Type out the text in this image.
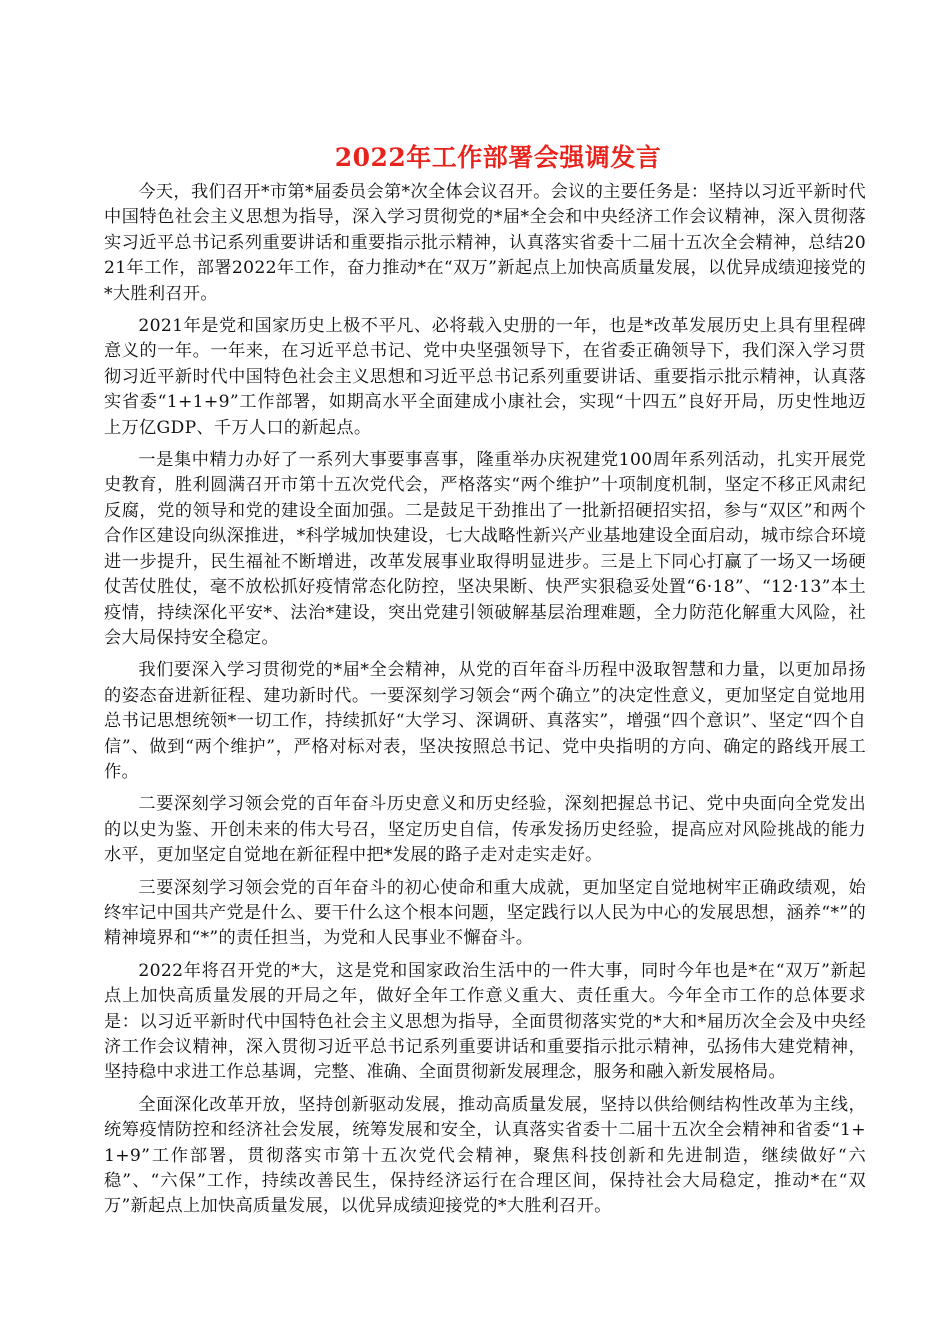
2022年工作部署会强调发言

今天，我们召开*市第*届委员会第*次全体会议召开。会议的主要任务是：坚持以习近平新时代中国特色社会主义思想为指导，深入学习贯彻党的*届*全会和中央经济工作会议精神，深入贯彻落实习近平总书记系列重要讲话和重要指示批示精神，认真落实省委十二届十五次全会精神，总结2021年工作，部署2022年工作，奋力推动*在“双万”新起点上加快高质量发展，以优异成绩迎接党的*大胜利召开。

2021年是党和国家历史上极不平凡、必将载入史册的一年，也是*改革发展历史上具有里程碑意义的一年。一年来，在习近平总书记、党中央坚强领导下，在省委正确领导下，我们深入学习贯彻习近平新时代中国特色社会主义思想和习近平总书记系列重要讲话、重要指示批示精神，认真落实省委“1+1+9”工作部署，如期高水平全面建成小康社会，实现“十四五”良好开局，历史性地迈上万亿GDP、千万人口的新起点。

一是集中精力办好了一系列大事要事喜事，隆重举办庆祝建党100周年系列活动，扎实开展党史教育，胜利圆满召开市第十五次党代会，严格落实“两个维护”十项制度机制，坚定不移正风肃纪反腐，党的领导和党的建设全面加强。二是鼓足干劲推出了一批新招硬招实招，参与“双区”和两个合作区建设向纵深推进，*科学城加快建设，七大战略性新兴产业基地建设全面启动，城市综合环境进一步提升，民生福祉不断增进，改革发展事业取得明显进步。三是上下同心打赢了一场又一场硬仗苦仗胜仗，毫不放松抓好疫情常态化防控，坚决果断、快严实狠稳妥处置“6·18”、“12·13”本土疫情，持续深化平安*、法治*建设，突出党建引领破解基层治理难题，全力防范化解重大风险，社会大局保持安全稳定。

我们要深入学习贯彻党的*届*全会精神，从党的百年奋斗历程中汲取智慧和力量，以更加昂扬的姿态奋进新征程、建功新时代。一要深刻学习领会“两个确立”的决定性意义，更加坚定自觉地用总书记思想统领*一切工作，持续抓好“大学习、深调研、真落实”，增强“四个意识”、坚定“四个自信”、做到“两个维护”，严格对标对表，坚决按照总书记、党中央指明的方向、确定的路线开展工作。

二要深刻学习领会党的百年奋斗历史意义和历史经验，深刻把握总书记、党中央面向全党发出的以史为鉴、开创未来的伟大号召，坚定历史自信，传承发扬历史经验，提高应对风险挑战的能力水平，更加坚定自觉地在新征程中把*发展的路子走对走实走好。

三要深刻学习领会党的百年奋斗的初心使命和重大成就，更加坚定自觉地树牢正确政绩观，始终牢记中国共产党是什么、要干什么这个根本问题，坚定践行以人民为中心的发展思想，涵养“*”的精神境界和“*”的责任担当，为党和人民事业不懈奋斗。

2022年将召开党的*大，这是党和国家政治生活中的一件大事，同时今年也是*在“双万”新起点上加快高质量发展的开局之年，做好全年工作意义重大、责任重大。今年全市工作的总体要求是：以习近平新时代中国特色社会主义思想为指导，全面贯彻落实党的*大和*届历次全会及中央经济工作会议精神，深入贯彻习近平总书记系列重要讲话和重要指示批示精神，弘扬伟大建党精神，坚持稳中求进工作总基调，完整、准确、全面贯彻新发展理念，服务和融入新发展格局。

全面深化改革开放，坚持创新驱动发展，推动高质量发展，坚持以供给侧结构性改革为主线，统筹疫情防控和经济社会发展，统筹发展和安全，认真落实省委十二届十五次全会精神和省委“1+1+9”工作部署，贯彻落实市第十五次党代会精神，聚焦科技创新和先进制造，继续做好“六稳”、“六保”工作，持续改善民生，保持经济运行在合理区间，保持社会大局稳定，推动*在“双万”新起点上加快高质量发展，以优异成绩迎接党的*大胜利召开。
